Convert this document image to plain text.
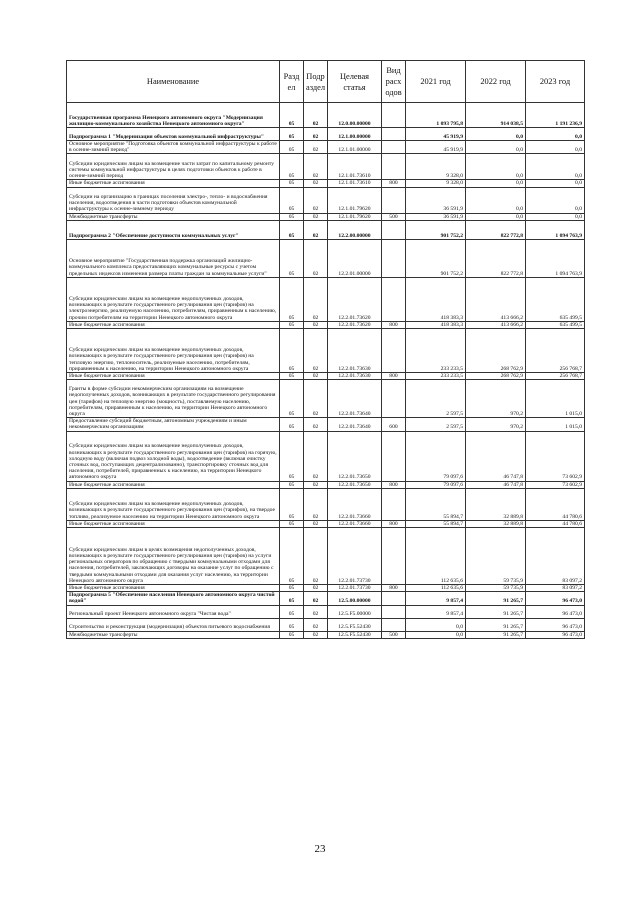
Наименование	Разд ел	Подр аздел	Целевая статья	Вид расх одов	2021 год	2022 год	2023 год
Государственная программа Ненецкого автономного округа "Модернизация жилищно-коммунального хозяйства Ненецкого автономного округа"	05	02	12.0.00.00000		1 093 795,8	914 038,5	1 191 236,9
Подпрограмма 1 "Модернизация объектов коммунальной инфраструктуры"	05	02	12.1.00.00000		45 919,9	0,0	0,0
Основное мероприятие "Подготовка объектов коммунальной инфраструктуры к работе в осенне-зимний период"	05	02	12.1.01.00000		45 919,9	0,0	0,0
Субсидии юридическим лицам на возмещение части затрат по капитальному ремонту системы коммунальной инфраструктуры в целях подготовки объектов к работе в осенне-зимний период	05	02	12.1.01.73610		9 328,0	0,0	0,0
Иные бюджетные ассигнования	05	02	12.1.01.73610	800	9 328,0	0,0	0,0
Субсидии на организацию в границах поселения электро-, тепло- и водоснабжения населения, водоотведения в части подготовки объектов коммунальной инфраструктуры к осенне-зимнему периоду	05	02	12.1.01.79620		36 591,9	0,0	0,0
Межбюджетные трансферты	05	02	12.1.01.79620	500	36 591,9	0,0	0,0
Подпрограмма 2 "Обеспечение доступности коммунальных услуг"	05	02	12.2.00.00000		901 752,2	822 772,8	1 094 763,9
Основное мероприятие "Государственная поддержка организаций жилищно-коммунального комплекса предоставляющих коммунальные ресурсы с учетом предельных индексов изменения размера платы граждан за коммунальные услуги"	05	02	12.2.01.00000		901 752,2	822 772,8	1 094 763,9
Субсидии юридическим лицам на возмещение недополученных доходов, возникающих в результате государственного регулирования цен (тарифов) на электроэнергию, реализуемую населению, потребителям, приравненным к населению, прочим потребителям на территории Ненецкого автономного округа	05	02	12.2.01.73620		418 383,3	413 666,2	635 499,5
Иные бюджетные ассигнования	05	02	12.2.01.73620	800	418 383,3	413 666,2	635 499,5
Субсидии юридическим лицам на возмещение недополученных доходов, возникающих в результате государственного регулирования цен (тарифов) на тепловую энергию, теплоноситель, реализуемые населению, потребителям, приравненным к населению, на территории Ненецкого автономного округа	05	02	12.2.01.73630		233 233,5	268 762,9	256 768,7
Иные бюджетные ассигнования	05	02	12.2.01.73630	800	233 233,5	268 762,9	256 768,7
Гранты в форме субсидии некоммерческим организациям на возмещение недополученных доходов, возникающих в результате государственного регулирования цен (тарифов) на тепловую энергию (мощность), поставляемую населению, потребителям, приравненным к населению, на территории Ненецкого автономного округа	05	02	12.2.01.73640		2 597,5	970,2	1 015,0
Предоставление субсидий бюджетным, автономным учреждениям и иным некоммерческим организациям	05	02	12.2.01.73640	600	2 597,5	970,2	1 015,0
Субсидии юридическим лицам на возмещение недополученных доходов, возникающих в результате государственного регулирования цен (тарифов) на горячую, холодную воду (включая подвоз холодной воды), водоотведение (включая очистку сточных вод, поступающих децентрализованно), транспортировку сточных вод для населения, потребителей, приравненных к населению, на территории Ненецкого автономного округа	05	02	12.2.01.73650		79 097,6	46 747,8	73 602,9
Иные бюджетные ассигнования	05	02	12.2.01.73650	800	79 097,6	46 747,8	73 602,9
Субсидии юридическим лицам на возмещение недополученных доходов, возникающих в результате государственного регулирования цен (тарифов), на твердое топливо, реализуемое населению на территории Ненецкого автономного округа	05	02	12.2.01.73660		55 894,7	32 889,8	44 780,6
Иные бюджетные ассигнования	05	02	12.2.01.73660	800	55 894,7	32 889,8	44 780,6
Субсидии юридическим лицам в целях возмещения недополученных доходов, возникающих в результате государственного регулирования цен (тарифов) на услуги региональных операторов по обращению с твердыми коммунальными отходами для населения, потребителей, заключающих договоры на оказание услуг по обращению с твердыми коммунальными отходами для оказания услуг населению, на территории Ненецкого автономного округа	05	02	12.2.01.73730		112 635,6	59 735,9	83 097,2
Иные бюджетные ассигнования	05	02	12.2.01.73730	800	112 635,6	59 735,9	83 097,2
Подпрограмма 5 "Обеспечение населения Ненецкого автономного округа чистой водой"	05	02	12.5.00.00000		9 857,4	91 265,7	96 473,0
Региональный проект Ненецкого автономного округа "Чистая вода"	05	02	12.5.F5.00000		9 857,4	91 265,7	96 473,0
Строительство и реконструкция (модернизация) объектов питьевого водоснабжения	05	02	12.5.F5.52430		0,0	91 265,7	96 473,0
Межбюджетные трансферты	05	02	12.5.F5.52430	500	0,0	91 265,7	96 473,0
23
